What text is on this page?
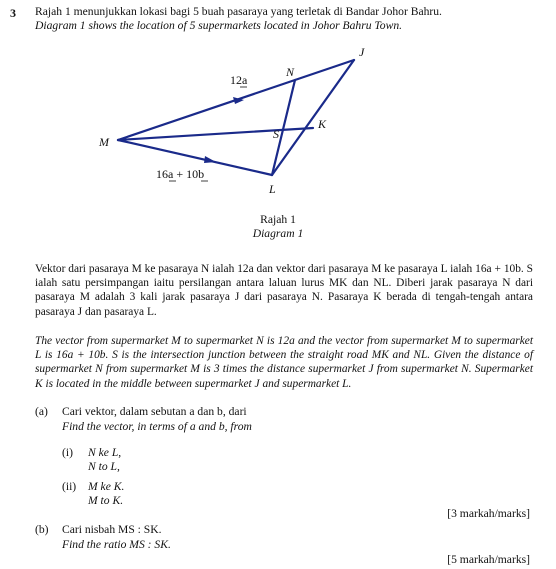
3 Rajah 1 menunjukkan lokasi bagi 5 buah pasaraya yang terletak di Bandar Johor Bahru.
Diagram 1 shows the location of 5 supermarkets located in Johor Bahru Town.
M
N
J
K
S
L
12a
16a + 10b
Rajah 1
Diagram 1

Vektor dari pasaraya M ke pasaraya N ialah 12a dan vektor dari pasaraya M ke pasaraya L ialah 16a + 10b. S ialah satu persimpangan iaitu persilangan antara laluan lurus MK dan NL. Diberi jarak pasaraya N dari pasaraya M adalah 3 kali jarak pasaraya J dari pasaraya N. Pasaraya K berada di tengah-tengah antara pasaraya J dan pasaraya L.

The vector from supermarket M to supermarket N is 12a and the vector from supermarket M to supermarket L is 16a + 10b. S is the intersection junction between the straight road MK and NL. Given the distance of supermarket N from supermarket M is 3 times the distance supermarket J from supermarket N. Supermarket K is located in the middle between supermarket J and supermarket L.

(a) Cari vektor, dalam sebutan a dan b, dari
Find the vector, in terms of a and b, from
(i) N ke L,
N to L,
(ii) M ke K.
M to K.
[3 markah/marks]
(b) Cari nisbah MS : SK.
Find the ratio MS : SK.
[5 markah/marks]
